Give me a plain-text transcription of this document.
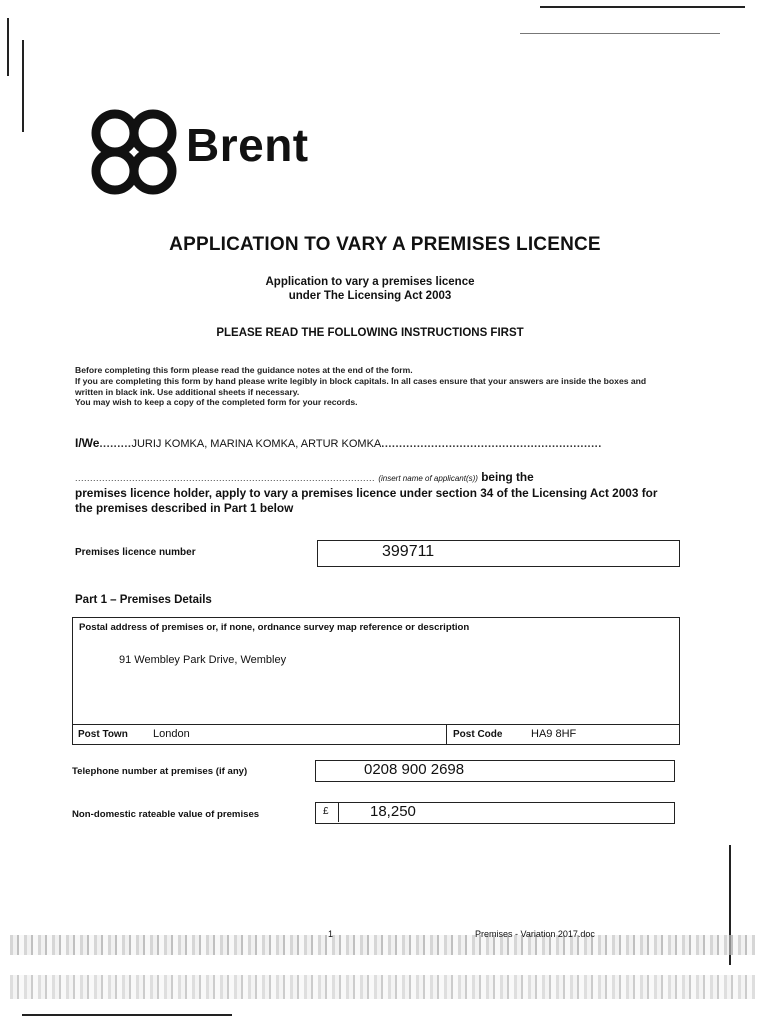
Brent
APPLICATION TO VARY A PREMISES LICENCE
Application to vary a premises licence
under The Licensing Act 2003
PLEASE READ THE FOLLOWING INSTRUCTIONS FIRST
Before completing this form please read the guidance notes at the end of the form.
If you are completing this form by hand please write legibly in block capitals. In all cases ensure that your answers are inside the boxes and written in black ink. Use additional sheets if necessary.
You may wish to keep a copy of the completed form for your records.
I/We.........JURIJ KOMKA, MARINA KOMKA, ARTUR KOMKA..............................................................
.................................................................................................... (insert name of applicant(s)) being the
premises licence holder, apply to vary a premises licence under section 34 of the Licensing Act 2003 for the premises described in Part 1 below
Premises licence number	399711
Part 1 – Premises Details
Postal address of premises or, if none, ordnance survey map reference or description
91 Wembley Park Drive, Wembley
Post Town London	Post Code	HA9 8HF
Telephone number at premises (if any)	0208 900 2698
Non-domestic rateable value of premises	£	18,250
1	Premises - Variation 2017.doc
